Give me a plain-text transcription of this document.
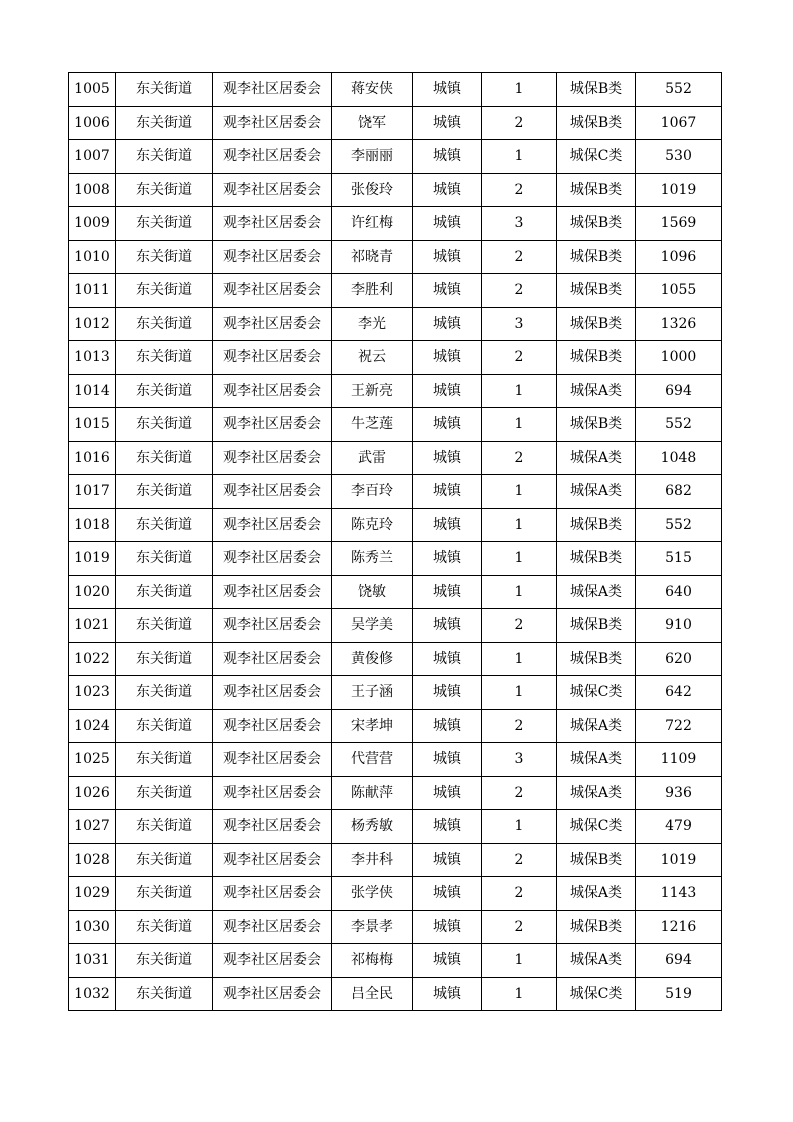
1005	东关街道	观李社区居委会	蒋安侠	城镇	1	城保B类	552
1006	东关街道	观李社区居委会	饶军	城镇	2	城保B类	1067
1007	东关街道	观李社区居委会	李丽丽	城镇	1	城保C类	530
1008	东关街道	观李社区居委会	张俊玲	城镇	2	城保B类	1019
1009	东关街道	观李社区居委会	许红梅	城镇	3	城保B类	1569
1010	东关街道	观李社区居委会	祁晓青	城镇	2	城保B类	1096
1011	东关街道	观李社区居委会	李胜利	城镇	2	城保B类	1055
1012	东关街道	观李社区居委会	李光	城镇	3	城保B类	1326
1013	东关街道	观李社区居委会	祝云	城镇	2	城保B类	1000
1014	东关街道	观李社区居委会	王新亮	城镇	1	城保A类	694
1015	东关街道	观李社区居委会	牛芝莲	城镇	1	城保B类	552
1016	东关街道	观李社区居委会	武雷	城镇	2	城保A类	1048
1017	东关街道	观李社区居委会	李百玲	城镇	1	城保A类	682
1018	东关街道	观李社区居委会	陈克玲	城镇	1	城保B类	552
1019	东关街道	观李社区居委会	陈秀兰	城镇	1	城保B类	515
1020	东关街道	观李社区居委会	饶敏	城镇	1	城保A类	640
1021	东关街道	观李社区居委会	吴学美	城镇	2	城保B类	910
1022	东关街道	观李社区居委会	黄俊修	城镇	1	城保B类	620
1023	东关街道	观李社区居委会	王子涵	城镇	1	城保C类	642
1024	东关街道	观李社区居委会	宋孝坤	城镇	2	城保A类	722
1025	东关街道	观李社区居委会	代营营	城镇	3	城保A类	1109
1026	东关街道	观李社区居委会	陈献萍	城镇	2	城保A类	936
1027	东关街道	观李社区居委会	杨秀敏	城镇	1	城保C类	479
1028	东关街道	观李社区居委会	李井科	城镇	2	城保B类	1019
1029	东关街道	观李社区居委会	张学侠	城镇	2	城保A类	1143
1030	东关街道	观李社区居委会	李景孝	城镇	2	城保B类	1216
1031	东关街道	观李社区居委会	祁梅梅	城镇	1	城保A类	694
1032	东关街道	观李社区居委会	吕全民	城镇	1	城保C类	519
